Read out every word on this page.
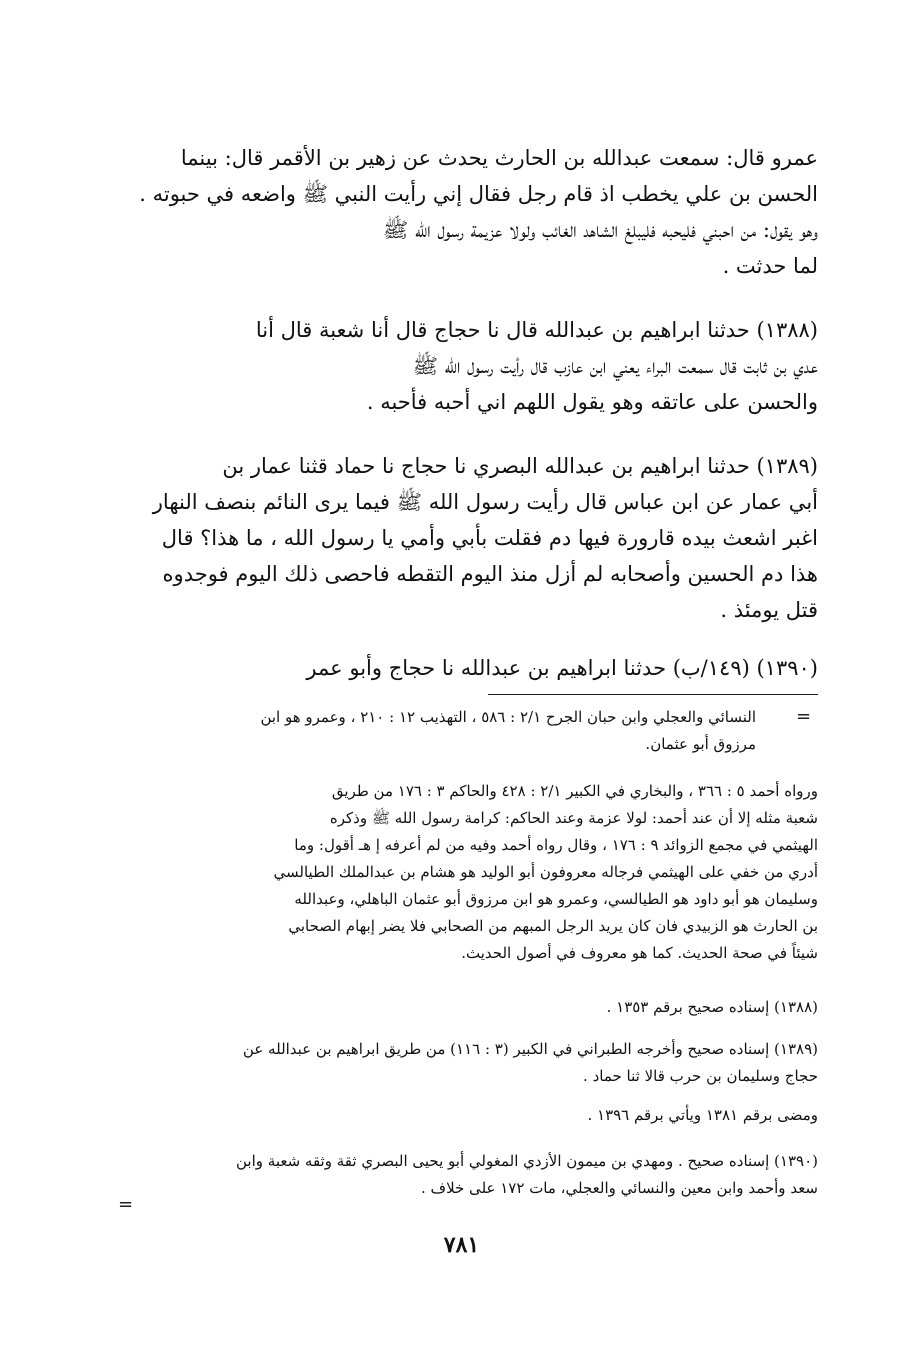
عمرو قال: سمعت عبدالله بن الحارث يحدث عن زهير بن الأقمر قال: بينما
الحسن بن علي يخطب اذ قام رجل فقال إني رأيت النبي ﷺ واضعه في حبوته .
وهو يقول: من احبني فليحبه فليبلغ الشاهد الغائب ولولا عزيمة رسول الله ﷺ
لما حدثت .
(١٣٨٨) حدثنا ابراهيم بن عبدالله قال نا حجاج قال أنا شعبة قال أنا
عدي بن ثابت قال سمعت البراء يعني ابن عازب قال رأيت رسول الله ﷺ
والحسن على عاتقه وهو يقول اللهم اني أحبه فأحبه .
(١٣٨٩) حدثنا ابراهيم بن عبدالله البصري نا حجاج نا حماد قثنا عمار بن
أبي عمار عن ابن عباس قال رأيت رسول الله ﷺ فيما يرى النائم بنصف النهار
اغبر اشعث بيده قارورة فيها دم فقلت بأبي وأمي يا رسول الله ، ما هذا؟ قال
هذا دم الحسين وأصحابه لم أزل منذ اليوم التقطه فاحصى ذلك اليوم فوجدوه
قتل يومئذ .
(١٣٩٠) (١٤٩/ب) حدثنا ابراهيم بن عبدالله نا حجاج وأبو عمر
=
النسائي والعجلي وابن حبان الجرح ٢/١ : ٥٨٦ ، التهذيب ١٢ : ٢١٠ ، وعمرو هو ابن
مرزوق أبو عثمان.
ورواه أحمد ٥ : ٣٦٦ ، والبخاري في الكبير ٢/١ : ٤٢٨ والحاكم ٣ : ١٧٦ من طريق
شعبة مثله إلا أن عند أحمد: لولا عزمة وعند الحاكم: كرامة رسول الله ﷺ وذكره
الهيثمي في مجمع الزوائد ٩ : ١٧٦ ، وقال رواه أحمد وفيه من لم أعرفه إ هـ أقول: وما
أدري من خفي على الهيثمي فرجاله معروفون أبو الوليد هو هشام بن عبدالملك الطيالسي
وسليمان هو أبو داود هو الطيالسي، وعمرو هو ابن مرزوق أبو عثمان الباهلي، وعبدالله
بن الحارث هو الزبيدي فان كان يريد الرجل المبهم من الصحابي فلا يضر إبهام الصحابي
شيئاً في صحة الحديث. كما هو معروف في أصول الحديث.
(١٣٨٨) إسناده صحيح برقم ١٣٥٣ .
(١٣٨٩) إسناده صحيح وأخرجه الطبراني في الكبير (٣ : ١١٦) من طريق ابراهيم بن عبدالله عن
حجاج وسليمان بن حرب قالا ثنا حماد .
ومضى برقم ١٣٨١ ويأتي برقم ١٣٩٦ .
(١٣٩٠) إسناده صحيح . ومهدي بن ميمون الأزدي المغولي أبو يحيى البصري ثقة وثقه شعبة وابن
سعد وأحمد وابن معين والنسائي والعجلي، مات ١٧٢ على خلاف .
=
٧٨١
